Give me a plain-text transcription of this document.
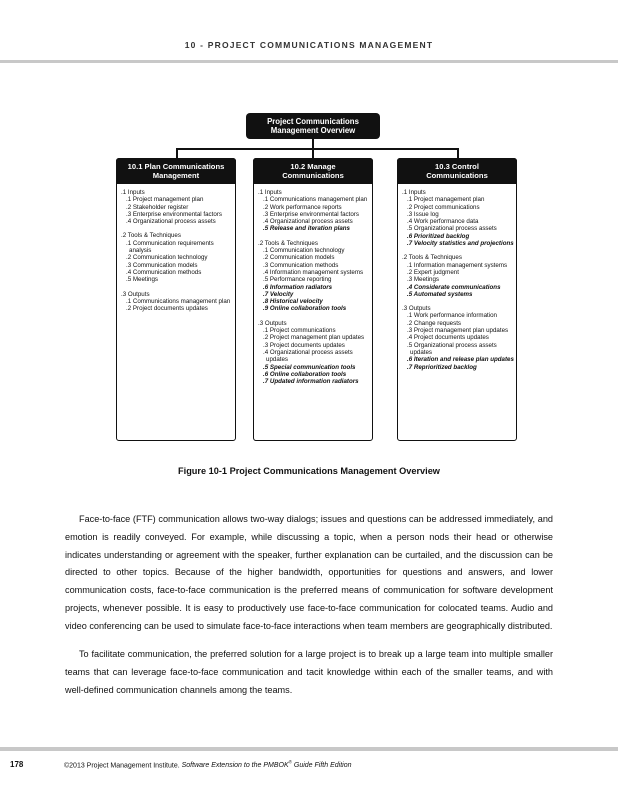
10 - PROJECT COMMUNICATIONS MANAGEMENT
Project Communications
Management Overview
10.1 Plan Communications
Management
.1 Inputs
.1 Project management plan
.2 Stakeholder register
.3 Enterprise environmental factors
.4 Organizational process assets
.2 Tools & Techniques
.1 Communication requirements analysis
.2 Communication technology
.3 Communication models
.4 Communication methods
.5 Meetings
.3 Outputs
.1 Communications management plan
.2 Project documents updates
10.2 Manage
Communications
.1 Inputs
.1 Communications management plan
.2 Work performance reports
.3 Enterprise environmental factors
.4 Organizational process assets
.5 Release and iteration plans
.2 Tools & Techniques
.1 Communication technology
.2 Communication models
.3 Communication methods
.4 Information management systems
.5 Performance reporting
.6 Information radiators
.7 Velocity
.8 Historical velocity
.9 Online collaboration tools
.3 Outputs
.1 Project communications
.2 Project management plan updates
.3 Project documents updates
.4 Organizational process assets updates
.5 Special communication tools
.6 Online collaboration tools
.7 Updated information radiators
10.3 Control
Communications
.1 Inputs
.1 Project management plan
.2 Project communications
.3 Issue log
.4 Work performance data
.5 Organizational process assets
.6 Prioritized backlog
.7 Velocity statistics and projections
.2 Tools & Techniques
.1 Information management systems
.2 Expert judgment
.3 Meetings
.4 Considerate communications
.5 Automated systems
.3 Outputs
.1 Work performance information
.2 Change requests
.3 Project management plan updates
.4 Project documents updates
.5 Organizational process assets updates
.6 Iteration and release plan updates
.7 Reprioritized backlog
Figure 10-1 Project Communications Management Overview

Face-to-face (FTF) communication allows two-way dialogs; issues and questions can be addressed immediately, and emotion is readily conveyed. For example, while discussing a topic, when a person nods their head or otherwise indicates understanding or agreement with the speaker, further explanation can be curtailed, and the discussion can be directed to other topics. Because of the higher bandwidth, opportunities for questions and answers, and lower communication costs, face-to-face communication is the preferred means of communication for software development projects, whenever possible. It is easy to productively use face-to-face communication for colocated teams. Audio and video conferencing can be used to simulate face-to-face interactions when team members are geographically distributed.

To facilitate communication, the preferred solution for a large project is to break up a large team into multiple smaller teams that can leverage face-to-face communication and tacit knowledge within each of the smaller teams, and with well-defined communication channels among the teams.

178	©2013 Project Management Institute. Software Extension to the PMBOK® Guide Fifth Edition
